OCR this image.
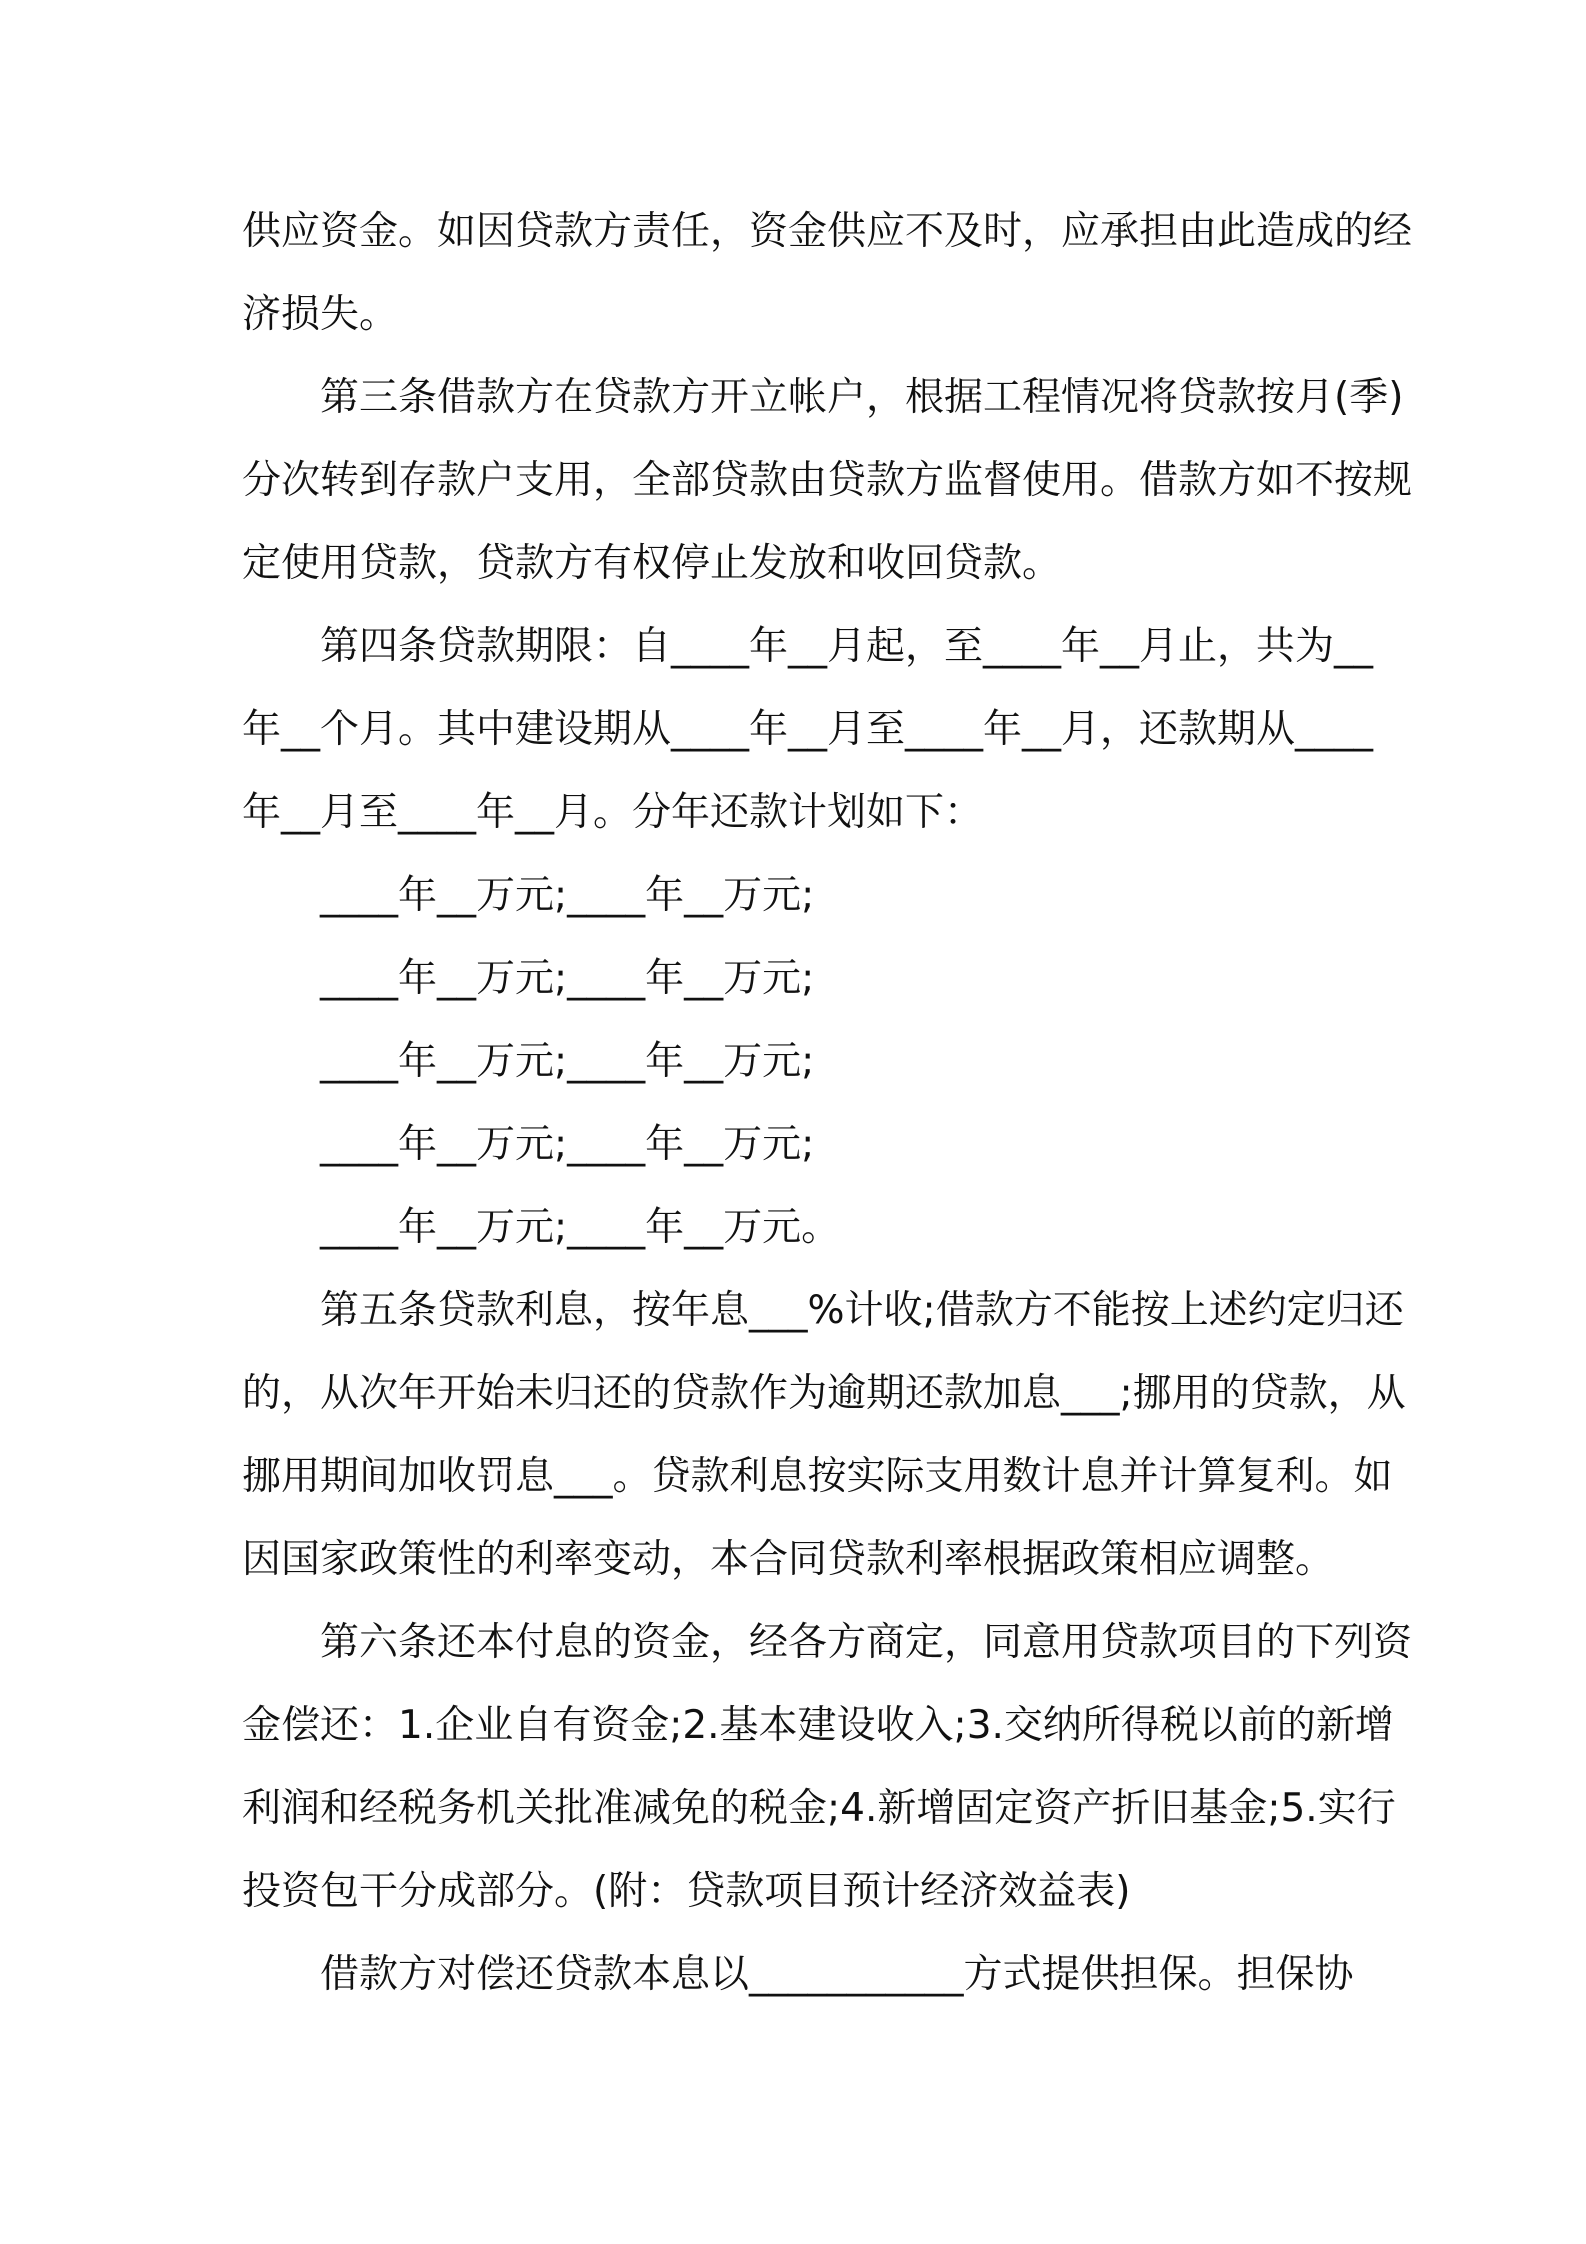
供应资金。如因贷款方责任，资金供应不及时，应承担由此造成的经
济损失。

第三条借款方在贷款方开立帐户，根据工程情况将贷款按月(季)
分次转到存款户支用，全部贷款由贷款方监督使用。借款方如不按规
定使用贷款，贷款方有权停止发放和收回贷款。

第四条贷款期限：自____年__月起，至____年__月止，共为__
年__个月。其中建设期从____年__月至____年__月，还款期从____
年__月至____年__月。分年还款计划如下：

____年__万元;____年__万元;
____年__万元;____年__万元;
____年__万元;____年__万元;
____年__万元;____年__万元;
____年__万元;____年__万元。

第五条贷款利息，按年息___%计收;借款方不能按上述约定归还
的，从次年开始未归还的贷款作为逾期还款加息___;挪用的贷款，从
挪用期间加收罚息___。贷款利息按实际支用数计息并计算复利。如
因国家政策性的利率变动，本合同贷款利率根据政策相应调整。

第六条还本付息的资金，经各方商定，同意用贷款项目的下列资
金偿还：1.企业自有资金;2.基本建设收入;3.交纳所得税以前的新增
利润和经税务机关批准减免的税金;4.新增固定资产折旧基金;5.实行
投资包干分成部分。(附：贷款项目预计经济效益表)

借款方对偿还贷款本息以___________方式提供担保。担保协
